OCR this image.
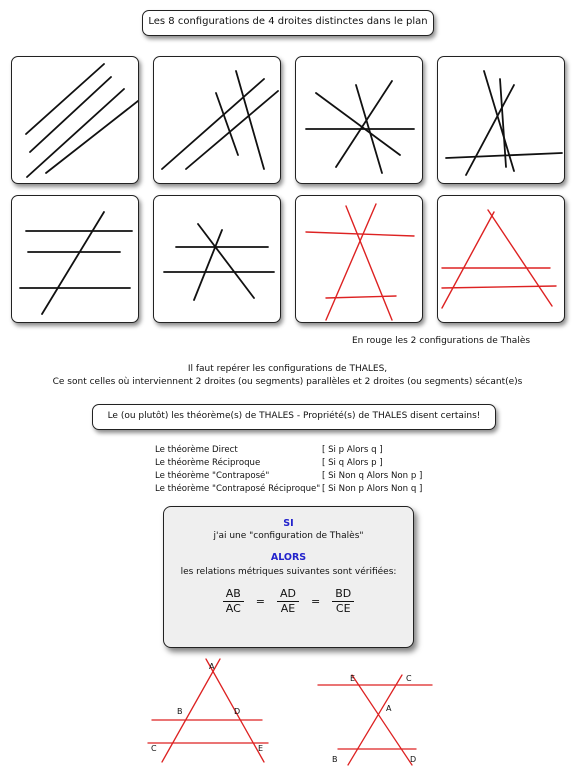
Les 8 configurations de 4 droites distinctes dans le plan
En rouge les 2 configurations de Thalès
Il faut repérer les configurations de THALES,
Ce sont celles où interviennent 2 droites (ou segments) parallèles et 2 droites (ou segments) sécant(e)s
Le (ou plutôt) les théorème(s) de THALES - Propriété(s) de THALES disent certains!
Le théorème Direct	[ Si p Alors q ]
Le théorème Réciproque	[ Si q Alors p ]
Le théorème "Contraposé"	[ Si Non q Alors Non p ]
Le théorème "Contraposé Réciproque" [ Si Non p Alors Non q ]
SI
j'ai une "configuration de Thalès"
ALORS
les relations métriques suivantes sont vérifiées:
$\frac{AB}{AC} = \frac{AD}{AE} = \frac{BD}{CE}$
A
B	D
C	E
E	C
A
B	D
